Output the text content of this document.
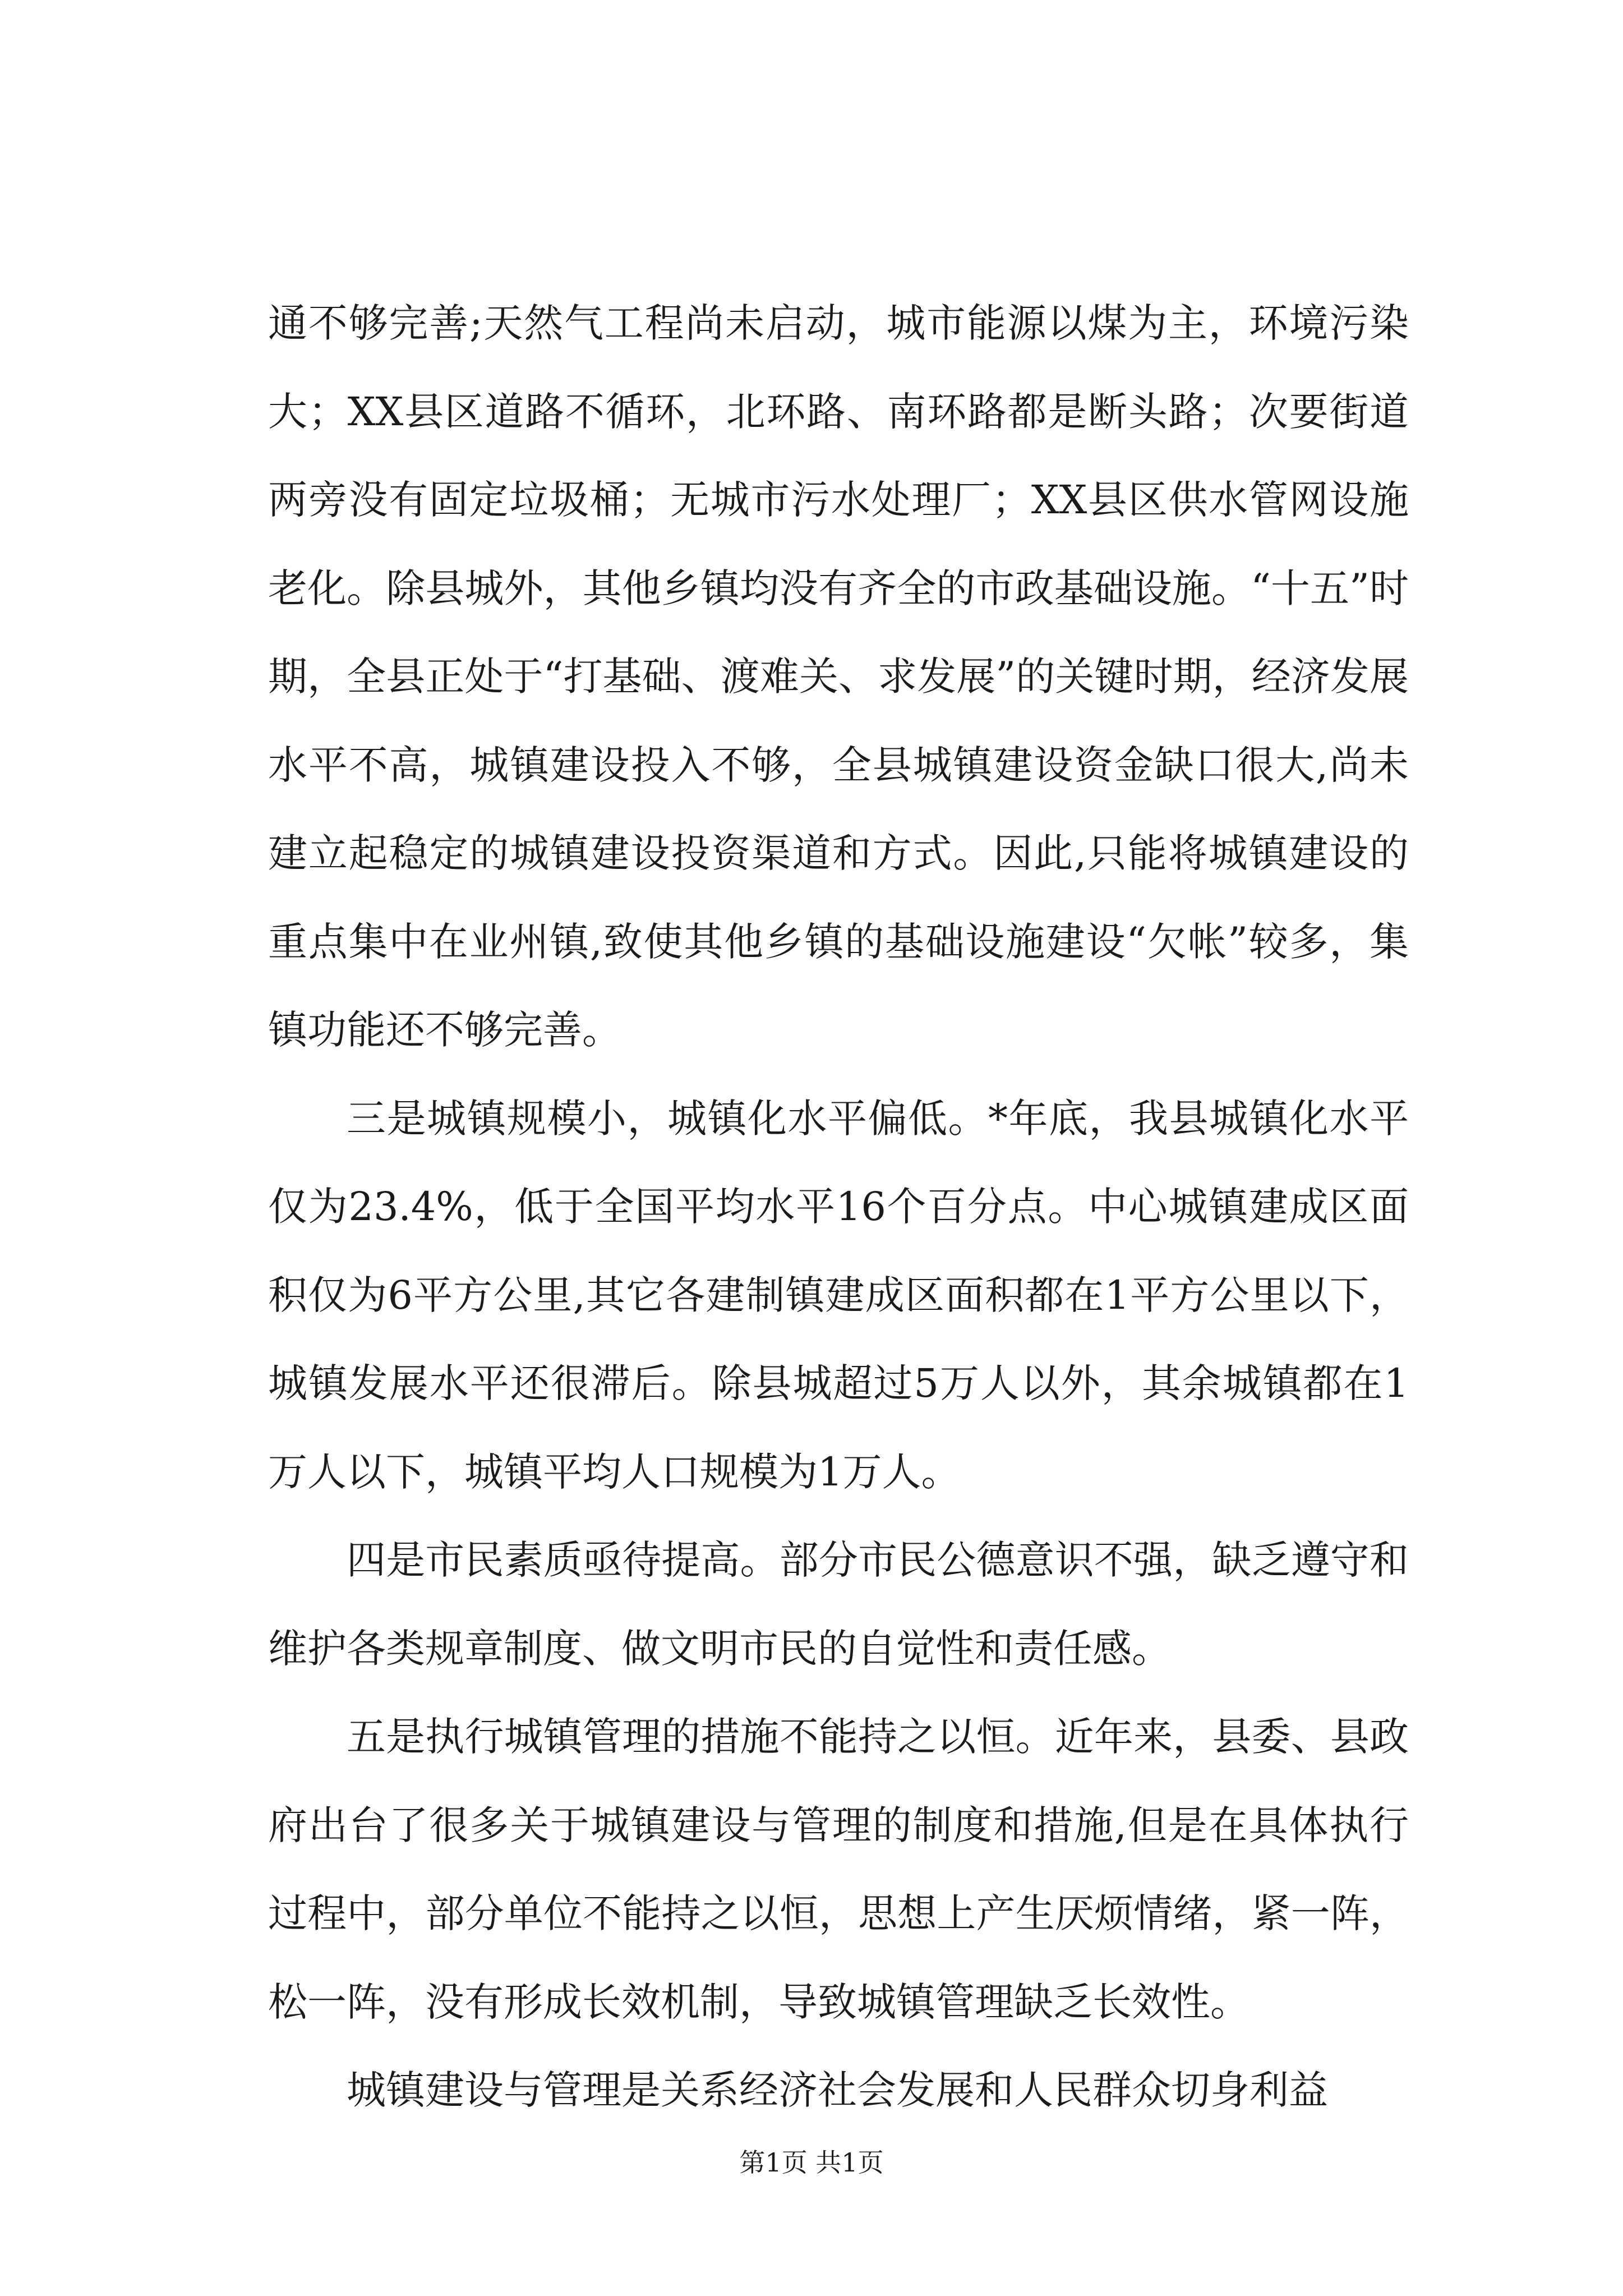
通不够完善;天然气工程尚未启动，城市能源以煤为主，环境污染大；XX县区道路不循环，北环路、南环路都是断头路；次要街道两旁没有固定垃圾桶；无城市污水处理厂；XX县区供水管网设施老化。除县城外，其他乡镇均没有齐全的市政基础设施。“十五”时期，全县正处于“打基础、渡难关、求发展”的关键时期，经济发展水平不高，城镇建设投入不够，全县城镇建设资金缺口很大,尚未建立起稳定的城镇建设投资渠道和方式。因此,只能将城镇建设的重点集中在业州镇,致使其他乡镇的基础设施建设“欠帐”较多，集镇功能还不够完善。

三是城镇规模小，城镇化水平偏低。*年底，我县城镇化水平仅为23.4%，低于全国平均水平16个百分点。中心城镇建成区面积仅为6平方公里,其它各建制镇建成区面积都在1平方公里以下，城镇发展水平还很滞后。除县城超过5万人以外，其余城镇都在1万人以下，城镇平均人口规模为1万人。

四是市民素质亟待提高。部分市民公德意识不强，缺乏遵守和维护各类规章制度、做文明市民的自觉性和责任感。

五是执行城镇管理的措施不能持之以恒。近年来，县委、县政府出台了很多关于城镇建设与管理的制度和措施,但是在具体执行过程中，部分单位不能持之以恒，思想上产生厌烦情绪，紧一阵，松一阵，没有形成长效机制，导致城镇管理缺乏长效性。

城镇建设与管理是关系经济社会发展和人民群众切身利益

第1页 共1页
